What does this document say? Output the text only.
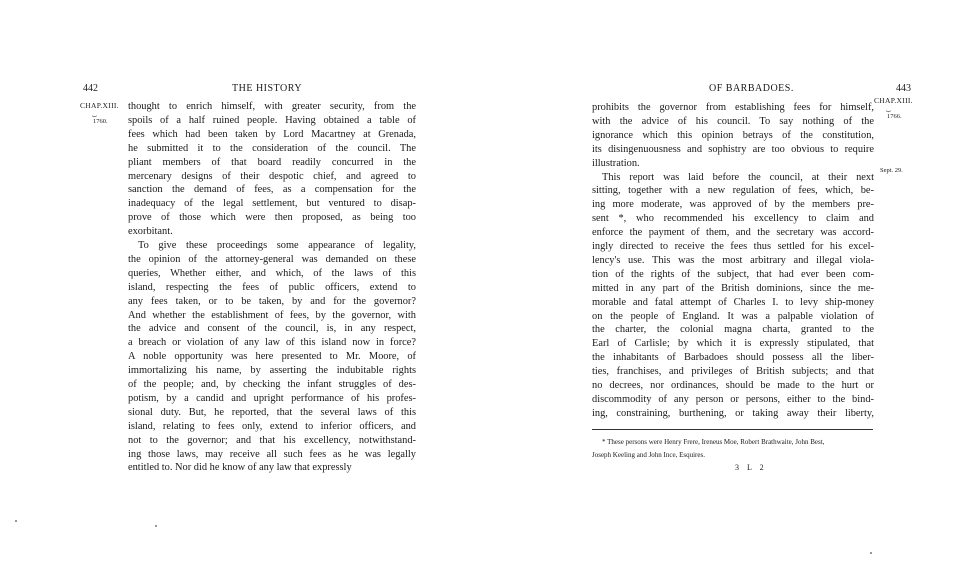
442	THE HISTORY
CHAP.XIII.
⏟
1760.
thought to enrich himself, with greater security, from the
spoils of a half ruined people. Having obtained a table of
fees which had been taken by Lord Macartney at Grenada,
he submitted it to the consideration of the council. The
pliant members of that board readily concurred in the
mercenary designs of their despotic chief, and agreed to
sanction the demand of fees, as a compensation for the
inadequacy of the legal settlement, but ventured to disap-
prove of those which were then proposed, as being too
exorbitant.
To give these proceedings some appearance of legality,
the opinion of the attorney-general was demanded on these
queries, Whether either, and which, of the laws of this
island, respecting the fees of public officers, extend to
any fees taken, or to be taken, by and for the governor?
And whether the establishment of fees, by the governor, with
the advice and consent of the council, is, in any respect,
a breach or violation of any law of this island now in force?
A noble opportunity was here presented to Mr. Moore, of
immortalizing his name, by asserting the indubitable rights
of the people; and, by checking the infant struggles of des-
potism, by a candid and upright performance of his profes-
sional duty. But, he reported, that the several laws of this
island, relating to fees only, extend to inferior officers, and
not to the governor; and that his excellency, notwithstand-
ing those laws, may receive all such fees as he was legally
entitled to. Nor did he know of any law that expressly
OF BARBADOES.	443
CHAP.XIII.
⏟
1766.
Sept. 29.
prohibits the governor from establishing fees for himself,
with the advice of his council. To say nothing of the
ignorance which this opinion betrays of the constitution,
its disingenuousness and sophistry are too obvious to require
illustration.
This report was laid before the council, at their next
sitting, together with a new regulation of fees, which, be-
ing more moderate, was approved of by the members pre-
sent *, who recommended his excellency to claim and
enforce the payment of them, and the secretary was accord-
ingly directed to receive the fees thus settled for his excel-
lency's use. This was the most arbitrary and illegal viola-
tion of the rights of the subject, that had ever been com-
mitted in any part of the British dominions, since the me-
morable and fatal attempt of Charles I. to levy ship-money
on the people of England. It was a palpable violation of
the charter, the colonial magna charta, granted to the
Earl of Carlisle; by which it is expressly stipulated, that
the inhabitants of Barbadoes should possess all the liber-
ties, franchises, and privileges of British subjects; and that
no decrees, nor ordinances, should be made to the hurt or
discommodity of any person or persons, either to the bind-
ing, constraining, burthening, or taking away their liberty,
* These persons were Henry Frere, Ireneus Moe, Robert Brathwaite, John Best,
Joseph Keeling and John Ince, Esquires.
3 L 2
